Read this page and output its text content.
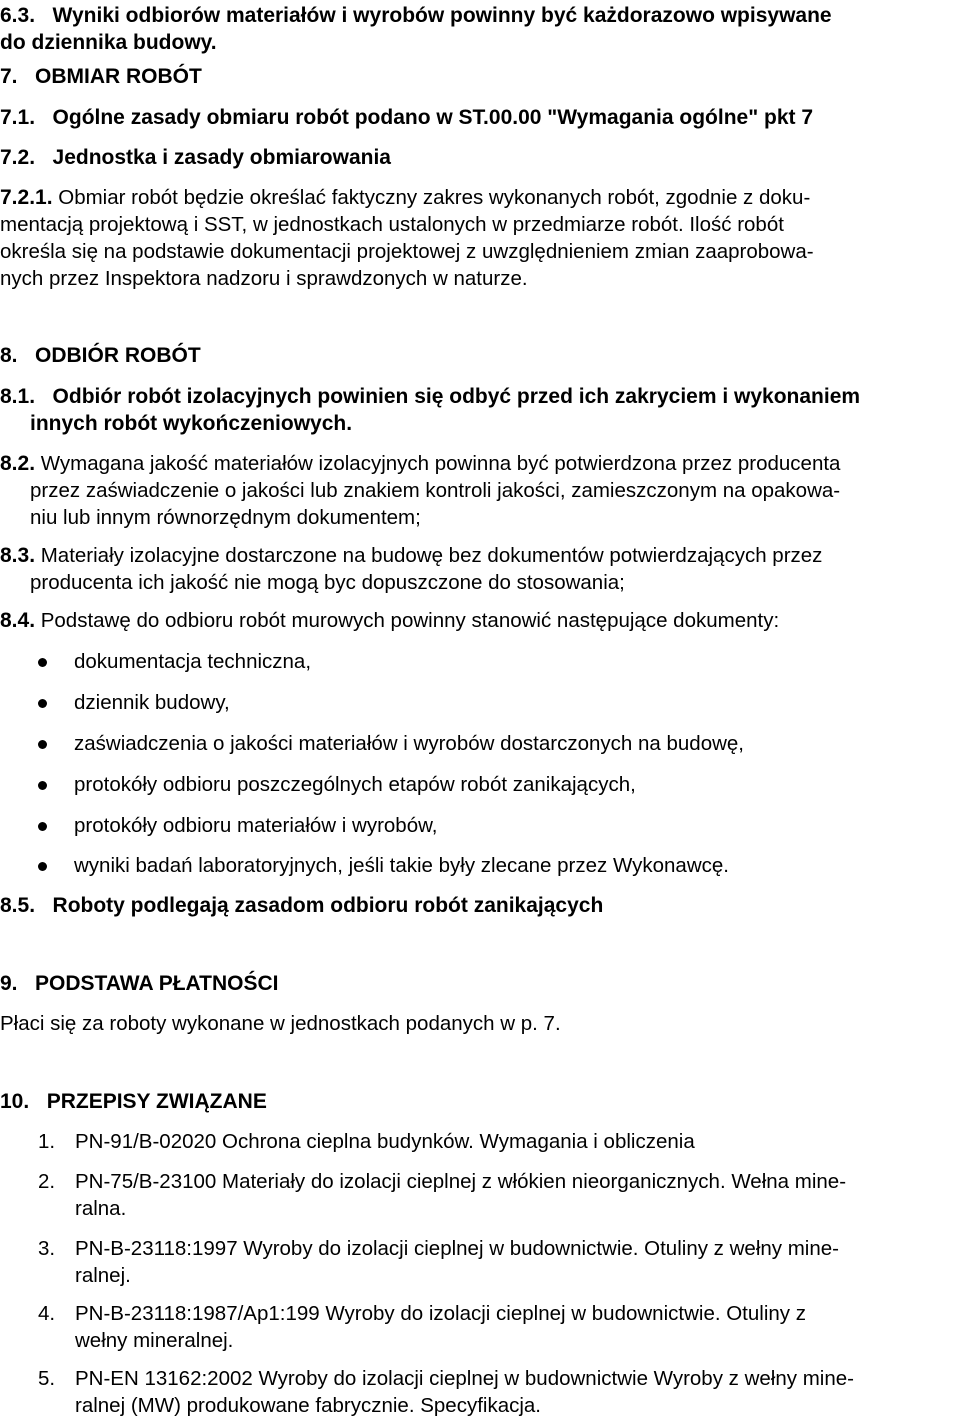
6.3.   Wyniki odbiorów materiałów i wyrobów powinny być każdorazowo wpisywane
do dziennika budowy.
7.   OBMIAR ROBÓT
7.1.   Ogólne zasady obmiaru robót podano w ST.00.00 "Wymagania ogólne" pkt 7
7.2.   Jednostka i zasady obmiarowania
7.2.1. Obmiar robót będzie określać faktyczny zakres wykonanych robót, zgodnie z doku-
mentacją projektową i SST, w jednostkach ustalonych w przedmiarze robót. Ilość robót
określa się na podstawie dokumentacji projektowej z uwzględnieniem zmian zaaprobowa-
nych przez Inspektora nadzoru i sprawdzonych w naturze.
8.   ODBIÓR ROBÓT
8.1.   Odbiór robót izolacyjnych powinien się odbyć przed ich zakryciem i wykonaniem
innych robót wykończeniowych.
8.2. Wymagana jakość materiałów izolacyjnych powinna być potwierdzona przez producenta
przez zaświadczenie o jakości lub znakiem kontroli jakości, zamieszczonym na opakowa-
niu lub innym równorzędnym dokumentem;
8.3. Materiały izolacyjne dostarczone na budowę bez dokumentów potwierdzających przez
producenta ich jakość nie mogą byc dopuszczone do stosowania;
8.4. Podstawę do odbioru robót murowych powinny stanowić następujące dokumenty:
dokumentacja techniczna,
dziennik budowy,
zaświadczenia o jakości materiałów i wyrobów dostarczonych na budowę,
protokóły odbioru poszczególnych etapów robót zanikających,
protokóły odbioru materiałów i wyrobów,
wyniki badań laboratoryjnych, jeśli takie były zlecane przez Wykonawcę.
8.5.   Roboty podlegają zasadom odbioru robót zanikających
9.   PODSTAWA PŁATNOŚCI
Płaci się za roboty wykonane w jednostkach podanych w p. 7.
10.   PRZEPISY ZWIĄZANE
1. PN-91/B-02020 Ochrona cieplna budynków. Wymagania i obliczenia
2. PN-75/B-23100 Materiały do izolacji cieplnej z włókien nieorganicznych. Wełna mine-
ralna.
3. PN-B-23118:1997 Wyroby do izolacji cieplnej w budownictwie. Otuliny z wełny mine-
ralnej.
4. PN-B-23118:1987/Ap1:199 Wyroby do izolacji cieplnej w budownictwie. Otuliny z
wełny mineralnej.
5. PN-EN 13162:2002 Wyroby do izolacji cieplnej w budownictwie Wyroby z wełny mine-
ralnej (MW) produkowane fabrycznie. Specyfikacja.
